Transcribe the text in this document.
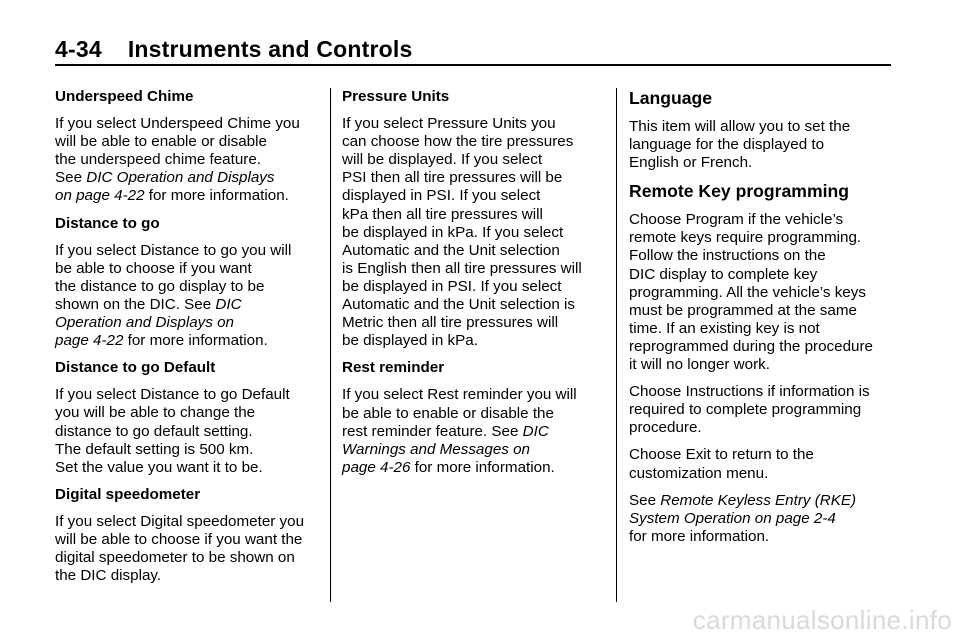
4-34 Instruments and Controls
Underspeed Chime

If you select Underspeed Chime you
will be able to enable or disable
the underspeed chime feature.
See DIC Operation and Displays
on page 4-22 for more information.

Distance to go

If you select Distance to go you will
be able to choose if you want
the distance to go display to be
shown on the DIC. See DIC
Operation and Displays on
page 4-22 for more information.

Distance to go Default

If you select Distance to go Default
you will be able to change the
distance to go default setting.
The default setting is 500 km.
Set the value you want it to be.

Digital speedometer

If you select Digital speedometer you
will be able to choose if you want the
digital speedometer to be shown on
the DIC display.

Pressure Units

If you select Pressure Units you
can choose how the tire pressures
will be displayed. If you select
PSI then all tire pressures will be
displayed in PSI. If you select
kPa then all tire pressures will
be displayed in kPa. If you select
Automatic and the Unit selection
is English then all tire pressures will
be displayed in PSI. If you select
Automatic and the Unit selection is
Metric then all tire pressures will
be displayed in kPa.

Rest reminder

If you select Rest reminder you will
be able to enable or disable the
rest reminder feature. See DIC
Warnings and Messages on
page 4-26 for more information.

Language

This item will allow you to set the
language for the displayed to
English or French.

Remote Key programming

Choose Program if the vehicle’s
remote keys require programming.
Follow the instructions on the
DIC display to complete key
programming. All the vehicle’s keys
must be programmed at the same
time. If an existing key is not
reprogrammed during the procedure
it will no longer work.

Choose Instructions if information is
required to complete programming
procedure.

Choose Exit to return to the
customization menu.

See Remote Keyless Entry (RKE)
System Operation on page 2-4
for more information.

carmanualsonline.info
